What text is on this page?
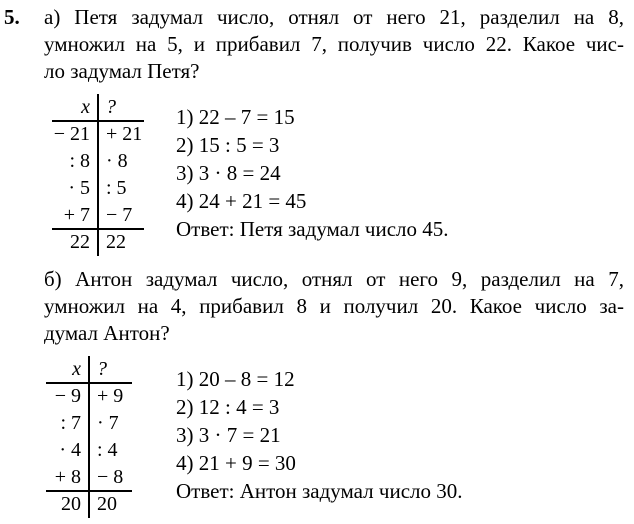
5. а) Петя задумал число, отнял от него 21, разделил на 8,
умножил на 5, и прибавил 7, получив число 22. Какое чис-
ло задумал Петя?
x ?
− 21 + 21
: 8 · 8
· 5 : 5
+ 7 − 7
22 22
1) 22 – 7 = 15
2) 15 : 5 = 3
3) 3 · 8 = 24
4) 24 + 21 = 45
Ответ: Петя задумал число 45.
б) Антон задумал число, отнял от него 9, разделил на 7,
умножил на 4, прибавил 8 и получил 20. Какое число за-
думал Антон?
x ?
− 9 + 9
: 7 · 7
· 4 : 4
+ 8 − 8
20 20
1) 20 – 8 = 12
2) 12 : 4 = 3
3) 3 · 7 = 21
4) 21 + 9 = 30
Ответ: Антон задумал число 30.
